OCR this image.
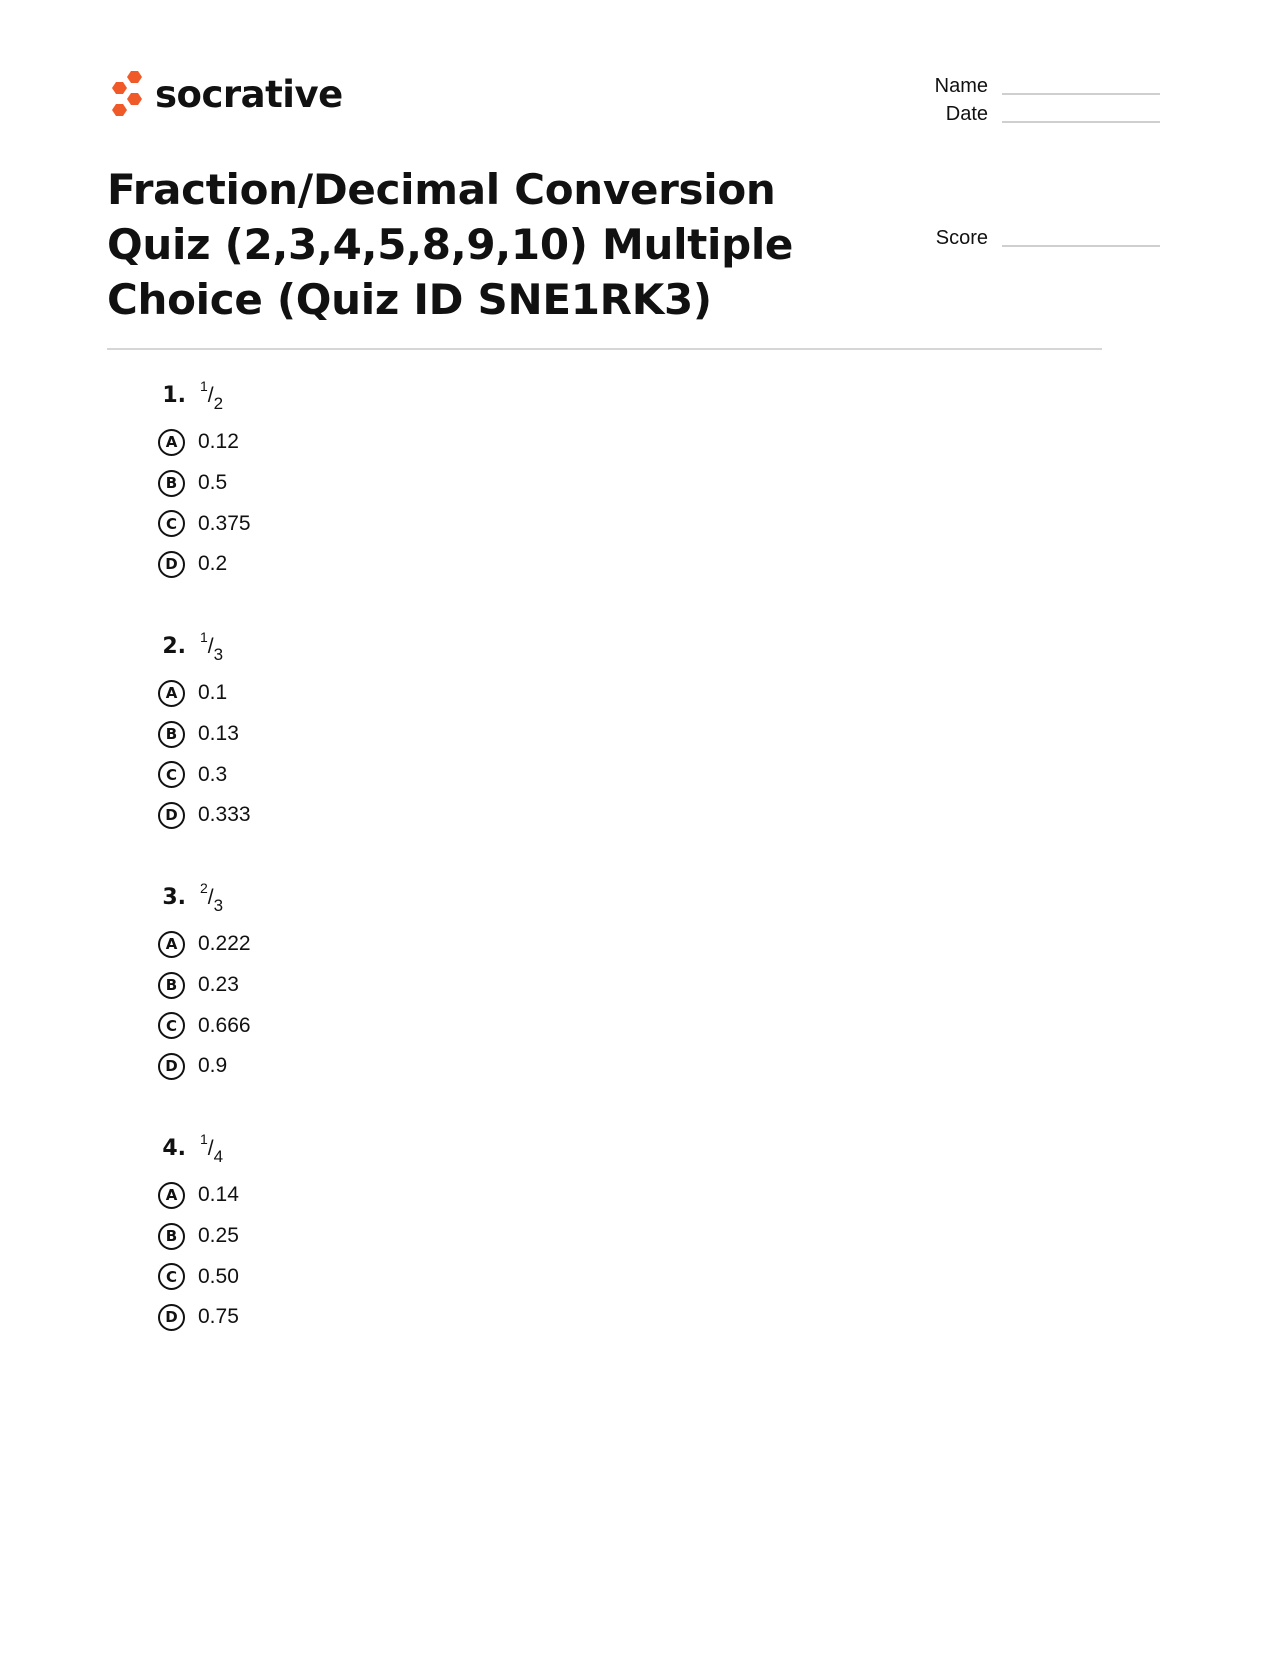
socrative	Name
Date
Score
Fraction/Decimal Conversion Quiz (2,3,4,5,8,9,10) Multiple Choice (Quiz ID SNE1RK3)
1. $^1/_2$
A 0.12
B 0.5
C	0.375
D 0.2
2. $^1/_3$
A 0.1
B 0.13
C	0.3
D 0.333
3. $^2/_3$
A 0.222
B 0.23
C	0.666
D 0.9
4. $^1/_4$
A 0.14
B 0.25
C	0.50
D 0.75
